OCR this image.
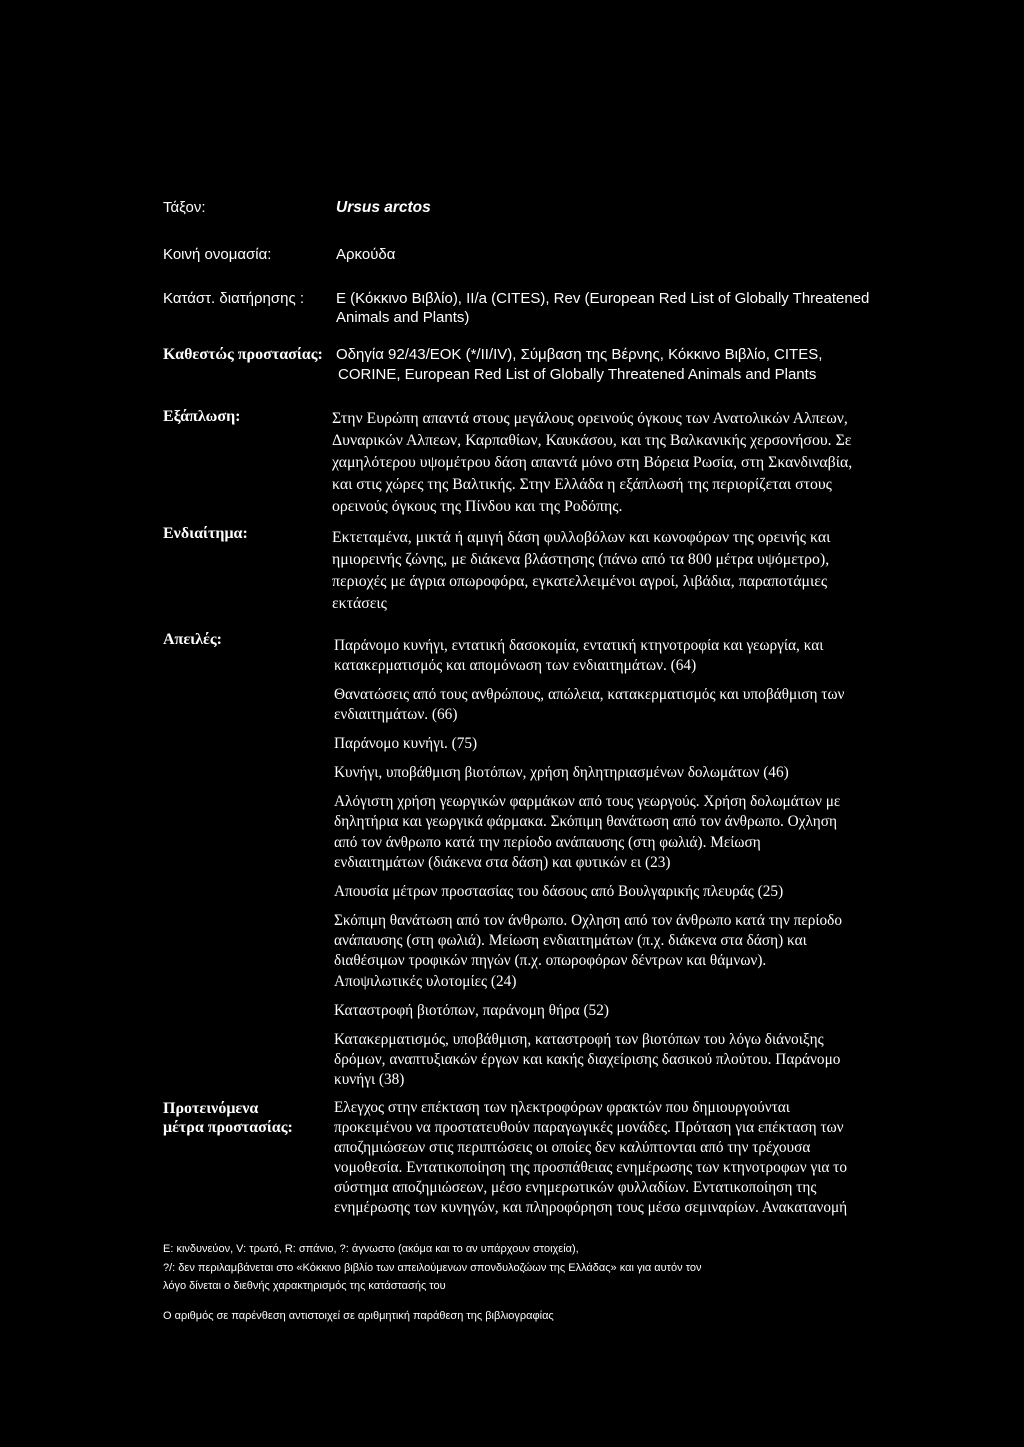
Τάξον:	Ursus arctos
Κοινή ονομασία:	Αρκούδα
Κατάστ. διατήρησης : Ε (Κόκκινο Βιβλίο), II/a (CITES), Rev (European Red List of Globally Threatened
Animals and Plants)
Καθεστώς προστασίας: Οδηγία 92/43/ΕΟΚ (*/II/IV), Σύμβαση της Βέρνης, Κόκκινο Βιβλίο, CITES,
CORINE, European Red List of Globally Threatened Animals and Plants
Εξάπλωση:	Στην Ευρώπη απαντά στους μεγάλους ορεινούς όγκους των Ανατολικών Αλπεων,
Δυναρικών Αλπεων, Καρπαθίων, Καυκάσου, και της Βαλκανικής χερσονήσου. Σε
χαμηλότερου υψομέτρου δάση απαντά μόνο στη Βόρεια Ρωσία, στη Σκανδιναβία,
και στις χώρες της Βαλτικής. Στην Ελλάδα η εξάπλωσή της περιορίζεται στους
ορεινούς όγκους της Πίνδου και της Ροδόπης.
Ενδιαίτημα:	Εκτεταμένα, μικτά ή αμιγή δάση φυλλοβόλων και κωνοφόρων της ορεινής και
ημιορεινής ζώνης, με διάκενα βλάστησης (πάνω από τα 800 μέτρα υψόμετρο),
περιοχές με άγρια οπωροφόρα, εγκατελλειμένοι αγροί, λιβάδια, παραποτάμιες
εκτάσεις
Απειλές:	Παράνομο κυνήγι, εντατική δασοκομία, εντατική κτηνοτροφία και γεωργία, και
κατακερματισμός και απομόνωση των ενδιαιτημάτων. (64)
Θανατώσεις από τους ανθρώπους, απώλεια, κατακερματισμός και υποβάθμιση των
ενδιαιτημάτων. (66)
Παράνομο κυνήγι. (75)
Κυνήγι, υποβάθμιση βιοτόπων, χρήση δηλητηριασμένων δολωμάτων (46)
Αλόγιστη χρήση γεωργικών φαρμάκων από τους γεωργούς. Χρήση δολωμάτων με
δηλητήρια και γεωργικά φάρμακα. Σκόπιμη θανάτωση από τον άνθρωπο. Οχληση
από τον άνθρωπο κατά την περίοδο ανάπαυσης (στη φωλιά). Μείωση
ενδιαιτημάτων (διάκενα στα δάση) και φυτικών ει (23)
Απουσία μέτρων προστασίας του δάσους από Βουλγαρικής πλευράς (25)
Σκόπιμη θανάτωση από τον άνθρωπο. Οχληση από τον άνθρωπο κατά την περίοδο
ανάπαυσης (στη φωλιά). Μείωση ενδιαιτημάτων (π.χ. διάκενα στα δάση) και
διαθέσιμων τροφικών πηγών (π.χ. οπωροφόρων δέντρων και θάμνων).
Αποψιλωτικές υλοτομίες (24)
Καταστροφή βιοτόπων, παράνομη θήρα (52)
Κατακερματισμός, υποβάθμιση, καταστροφή των βιοτόπων του λόγω διάνοιξης
δρόμων, αναπτυξιακών έργων και κακής διαχείρισης δασικού πλούτου. Παράνομο
κυνήγι (38)
Προτεινόμενα
μέτρα προστασίας:
Ελεγχος στην επέκταση των ηλεκτροφόρων φρακτών που δημιουργούνται
προκειμένου να προστατευθούν παραγωγικές μονάδες. Πρόταση για επέκταση των
αποζημιώσεων στις περιπτώσεις οι οποίες δεν καλύπτονται από την τρέχουσα
νομοθεσία. Εντατικοποίηση της προσπάθειας ενημέρωσης των κτηνοτροφων για το
σύστημα αποζημιώσεων, μέσο ενημερωτικών φυλλαδίων. Εντατικοποίηση της
ενημέρωσης των κυνηγών, και πληροφόρηση τους μέσω σεμιναρίων. Ανακατανομή
Ε: κινδυνεύον, V: τρωτό, R: σπάνιο, ?: άγνωστο (ακόμα και το αν υπάρχουν στοιχεία),
?/: δεν περιλαμβάνεται στο «Κόκκινο βιβλίο των απειλούμενων σπονδυλοζώων της Ελλάδας» και για αυτόν τον
λόγο δίνεται ο διεθνής χαρακτηρισμός της κατάστασής του
Ο αριθμός σε παρένθεση αντιστοιχεί σε αριθμητική παράθεση της βιβλιογραφίας
